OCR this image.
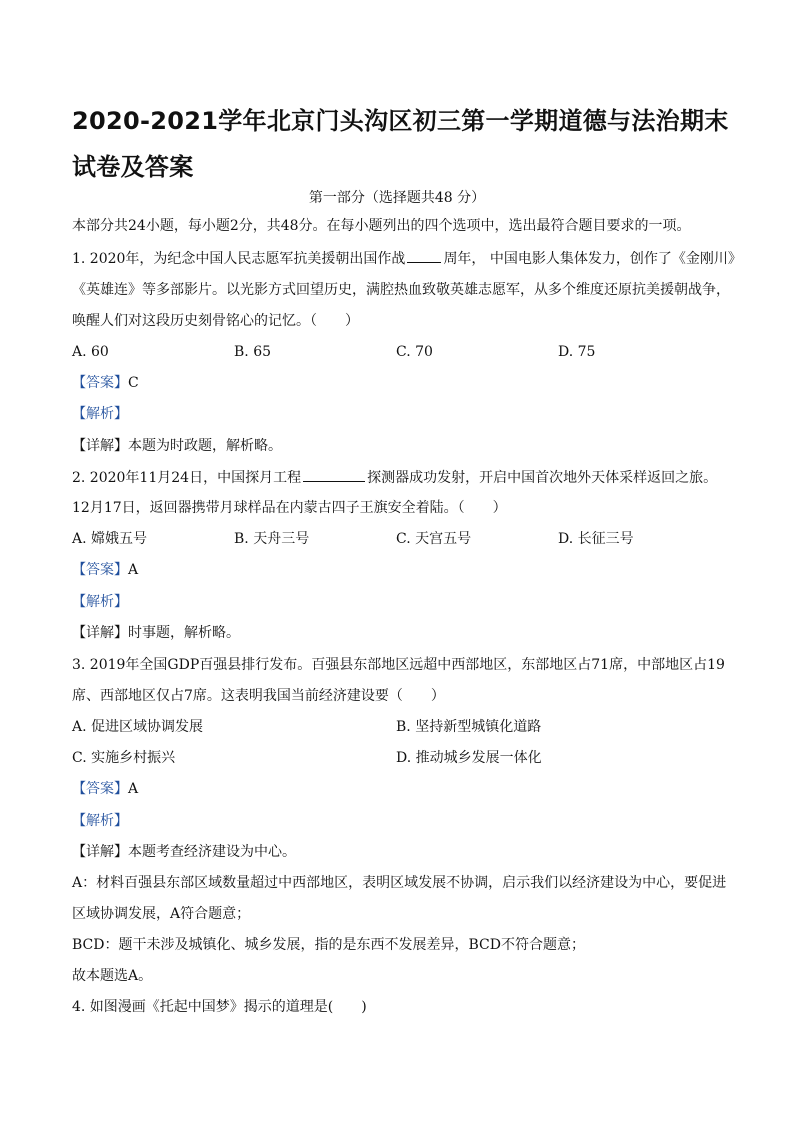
2020-2021学年北京门头沟区初三第一学期道德与法治期末试卷及答案
第一部分（选择题共48 分）
本部分共24小题，每小题2分，共48分。在每小题列出的四个选项中，选出最符合题目要求的一项。
1. 2020年，为纪念中国人民志愿军抗美援朝出国作战	周年， 中国电影人集体发力，创作了《金刚川》
《英雄连》等多部影片。以光影方式回望历史，满腔热血致敬英雄志愿军，从多个维度还原抗美援朝战争，
唤醒人们对这段历史刻骨铭心的记忆。（　　）
A. 60	B. 65	C. 70	D. 75
【答案】C
【解析】
【详解】本题为时政题，解析略。
2. 2020年11月24日，中国探月工程	探测器成功发射，开启中国首次地外天体采样返回之旅。
12月17日，返回器携带月球样品在内蒙古四子王旗安全着陆。（　　）
A. 嫦娥五号	B. 天舟三号	C. 天宫五号	D. 长征三号
【答案】A
【解析】
【详解】时事题，解析略。
3. 2019年全国GDP百强县排行发布。百强县东部地区远超中西部地区，东部地区占71席，中部地区占19
席、西部地区仅占7席。这表明我国当前经济建设要（　　）
A. 促进区域协调发展	B. 坚持新型城镇化道路
C. 实施乡村振兴	D. 推动城乡发展一体化
【答案】A
【解析】
【详解】本题考查经济建设为中心。
A：材料百强县东部区域数量超过中西部地区，表明区域发展不协调，启示我们以经济建设为中心，要促进
区域协调发展，A符合题意；
BCD：题干未涉及城镇化、城乡发展，指的是东西不发展差异，BCD不符合题意；
故本题选A。
4. 如图漫画《托起中国梦》揭示的道理是(　　)
